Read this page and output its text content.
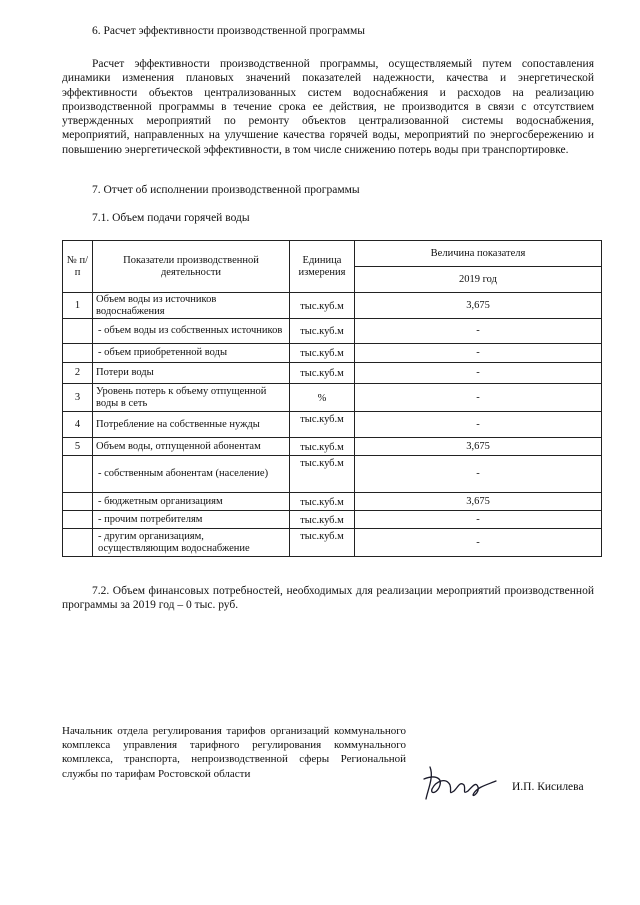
6. Расчет эффективности производственной программы

Расчет эффективности производственной программы, осуществляемый путем сопоставления динамики изменения плановых значений показателей надежности, качества и энергетической эффективности объектов централизованных систем водоснабжения и расходов на реализацию производственной программы в течение срока ее действия, не производится в связи с отсутствием утвержденных мероприятий по ремонту объектов централизованной системы водоснабжения, мероприятий, направленных на улучшение качества горячей воды, мероприятий по энергосбережению и повышению энергетической эффективности, в том числе снижению потерь воды при транспортировке.

7. Отчет об исполнении производственной программы
7.1. Объем подачи горячей воды
№ п/п	Показатели производственной деятельности	Единица измерения	Величина показателя
			2019 год
1	Объем воды из источников водоснабжения	тыс.куб.м	3,675
	- объем воды из собственных источников	тыс.куб.м	-
	- объем приобретенной воды	тыс.куб.м	-
2	Потери воды	тыс.куб.м	-
3	Уровень потерь к объему отпущенной воды в сеть	%	-
4	Потребление на собственные нужды	тыс.куб.м	-
5	Объем воды, отпущенной абонентам	тыс.куб.м	3,675
	- собственным абонентам (население)	тыс.куб.м	-
	- бюджетным организациям	тыс.куб.м	3,675
	- прочим потребителям	тыс.куб.м	-
	- другим организациям, осуществляющим водоснабжение	тыс.куб.м	-

7.2. Объем финансовых потребностей, необходимых для реализации мероприятий производственной программы за 2019 год – 0 тыс. руб.

Начальник отдела регулирования тарифов организаций коммунального комплекса управления тарифного регулирования коммунального комплекса, транспорта, непроизводственной сферы Региональной службы по тарифам Ростовской области

И.П. Кисилева
